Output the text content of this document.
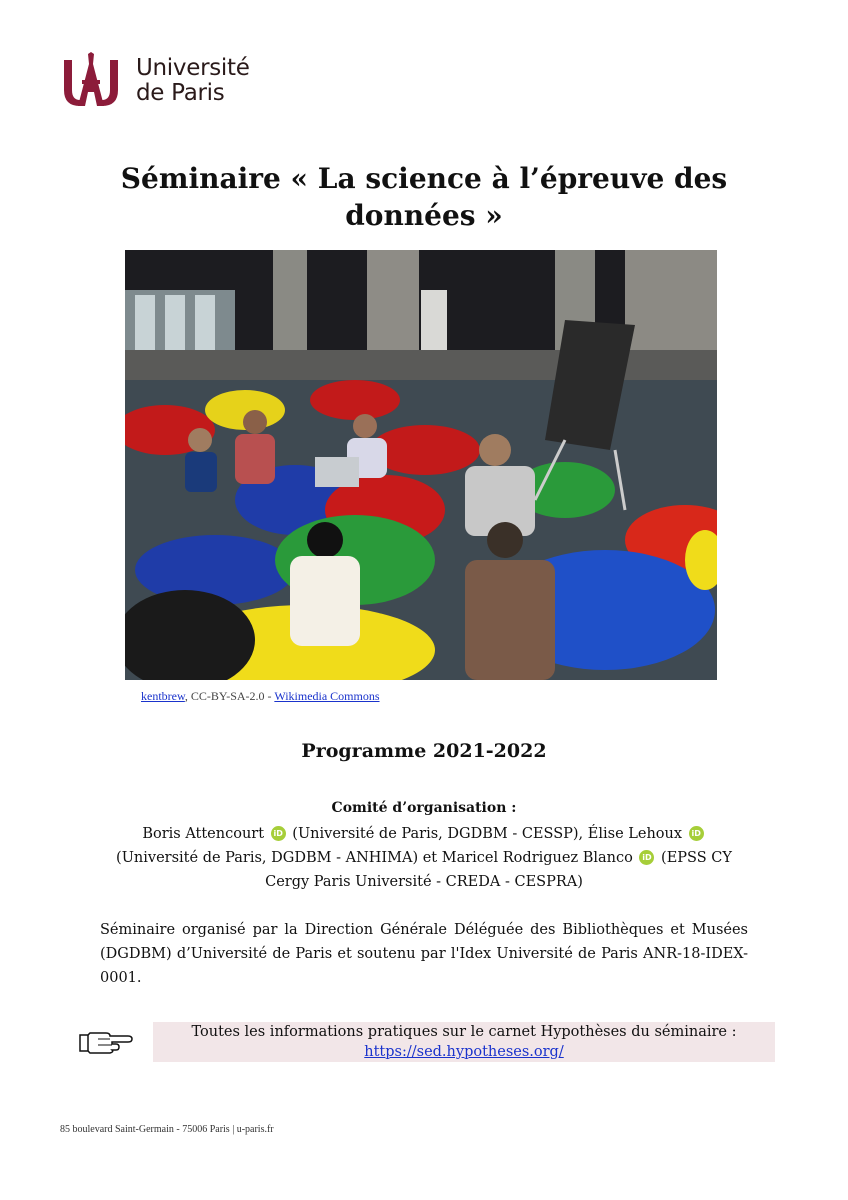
Université
de Paris
Séminaire « La science à l’épreuve des données »
kentbrew, CC-BY-SA-2.0 - Wikimedia Commons
Programme 2021-2022
Comité d’organisation :
Boris Attencourt iD (Université de Paris, DGDBM - CESSP), Élise Lehoux iD (Université de Paris, DGDBM - ANHIMA) et Maricel Rodriguez Blanco iD (EPSS CY Cergy Paris Université - CREDA - CESPRA)
Séminaire organisé par la Direction Générale Déléguée des Bibliothèques et Musées (DGDBM) d’Université de Paris et soutenu par l'Idex Université de Paris ANR-18-IDEX-0001.
Toutes les informations pratiques sur le carnet Hypothèses du séminaire :
https://sed.hypotheses.org/
85 boulevard Saint-Germain - 75006 Paris | u-paris.fr
